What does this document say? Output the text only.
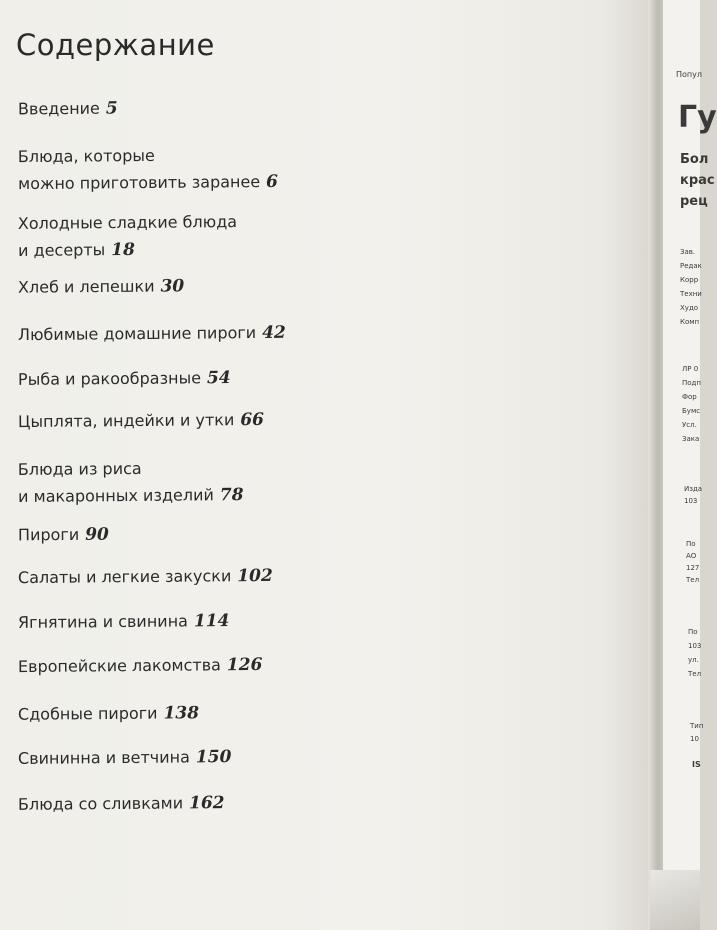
Содержание
Введение 5
Блюда, которые
можно приготовить заранее 6
Холодные сладкие блюда
и десерты 18
Хлеб и лепешки 30
Любимые домашние пироги 42
Рыба и ракообразные 54
Цыплята, индейки и утки 66
Блюда из риса
и макаронных изделий 78
Пироги 90
Салаты и легкие закуски 102
Ягнятина и свинина 114
Европейские лакомства 126
Сдобные пироги 138
Свининна и ветчина 150
Блюда со сливками 162
Попул
Гу
Бол
крас
рец
Зав.
Редак
Корр
Техни
Худо
Комп
ЛР 0
Подп
Фор
Бумс
Усл.
Зака
Изда
103
По
АО
127
Тел
По
103
ул.
Тел
Тип
10
IS
